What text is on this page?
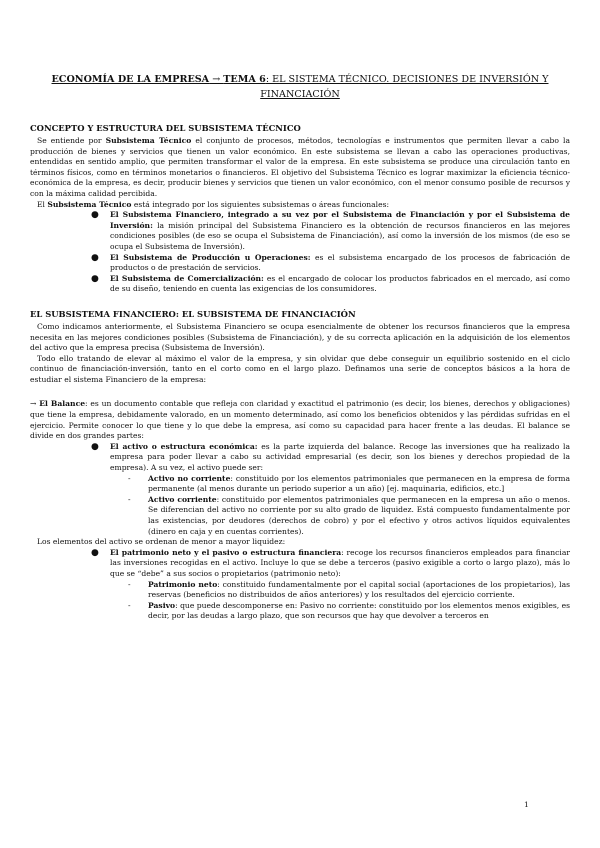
ECONOMÍA DE LA EMPRESA → TEMA 6: EL SISTEMA TÉCNICO. DECISIONES DE INVERSIÓN Y FINANCIACIÓN
CONCEPTO Y ESTRUCTURA DEL SUBSISTEMA TÉCNICO

Se entiende por Subsistema Técnico el conjunto de procesos, métodos, tecnologías e instrumentos que permiten llevar a cabo la producción de bienes y servicios que tienen un valor económico. En este subsistema se llevan a cabo las operaciones productivas, entendidas en sentido amplio, que permiten transformar el valor de la empresa. En este subsistema se produce una circulación tanto en términos físicos, como en términos monetarios o financieros. El objetivo del Subsistema Técnico es lograr maximizar la eficiencia técnico-económica de la empresa, es decir, producir bienes y servicios que tienen un valor económico, con el menor consumo posible de recursos y con la máxima calidad percibida.

El Subsistema Técnico está integrado por los siguientes subsistemas o áreas funcionales:

● El Subsistema Financiero, integrado a su vez por el Subsistema de Financiación y por el Subsistema de Inversión: la misión principal del Subsistema Financiero es la obtención de recursos financieros en las mejores condiciones posibles (de eso se ocupa el Subsistema de Financiación), así como la inversión de los mismos (de eso se ocupa el Subsistema de Inversión).
● El Subsistema de Producción u Operaciones: es el subsistema encargado de los procesos de fabricación de productos o de prestación de servicios.
● El Subsistema de Comercialización: es el encargado de colocar los productos fabricados en el mercado, así como de su diseño, teniendo en cuenta las exigencias de los consumidores.
EL SUBSISTEMA FINANCIERO: EL SUBSISTEMA DE FINANCIACIÓN

Como indicamos anteriormente, el Subsistema Financiero se ocupa esencialmente de obtener los recursos financieros que la empresa necesita en las mejores condiciones posibles (Subsistema de Financiación), y de su correcta aplicación en la adquisición de los elementos del activo que la empresa precisa (Subsistema de Inversión).

Todo ello tratando de elevar al máximo el valor de la empresa, y sin olvidar que debe conseguir un equilibrio sostenido en el ciclo continuo de financiación-inversión, tanto en el corto como en el largo plazo. Definamos una serie de conceptos básicos a la hora de estudiar el sistema Financiero de la empresa:

→ El Balance: es un documento contable que refleja con claridad y exactitud el patrimonio (es decir, los bienes, derechos y obligaciones) que tiene la empresa, debidamente valorado, en un momento determinado, así como los beneficios obtenidos y las pérdidas sufridas en el ejercicio. Permite conocer lo que tiene y lo que debe la empresa, así como su capacidad para hacer frente a las deudas. El balance se divide en dos grandes partes:

● El activo o estructura económica: es la parte izquierda del balance. Recoge las inversiones que ha realizado la empresa para poder llevar a cabo su actividad empresarial (es decir, son los bienes y derechos propiedad de la empresa). A su vez, el activo puede ser:
- Activo no corriente: constituido por los elementos patrimoniales que permanecen en la empresa de forma permanente (al menos durante un periodo superior a un año) [ej. maquinaria, edificios, etc.]
- Activo corriente: constituido por elementos patrimoniales que permanecen en la empresa un año o menos. Se diferencian del activo no corriente por su alto grado de liquidez. Está compuesto fundamentalmente por las existencias, por deudores (derechos de cobro) y por el efectivo y otros activos líquidos equivalentes (dinero en caja y en cuentas corrientes).

Los elementos del activo se ordenan de menor a mayor liquidez:

● El patrimonio neto y el pasivo o estructura financiera: recoge los recursos financieros empleados para financiar las inversiones recogidas en el activo. Incluye lo que se debe a terceros (pasivo exigible a corto o largo plazo), más lo que se “debe” a sus socios o propietarios (patrimonio neto):
- Patrimonio neto: constituido fundamentalmente por el capital social (aportaciones de los propietarios), las reservas (beneficios no distribuidos de años anteriores) y los resultados del ejercicio corriente.
- Pasivo: que puede descomponerse en: Pasivo no corriente: constituido por los elementos menos exigibles, es decir, por las deudas a largo plazo, que son recursos que hay que devolver a terceros en
1
